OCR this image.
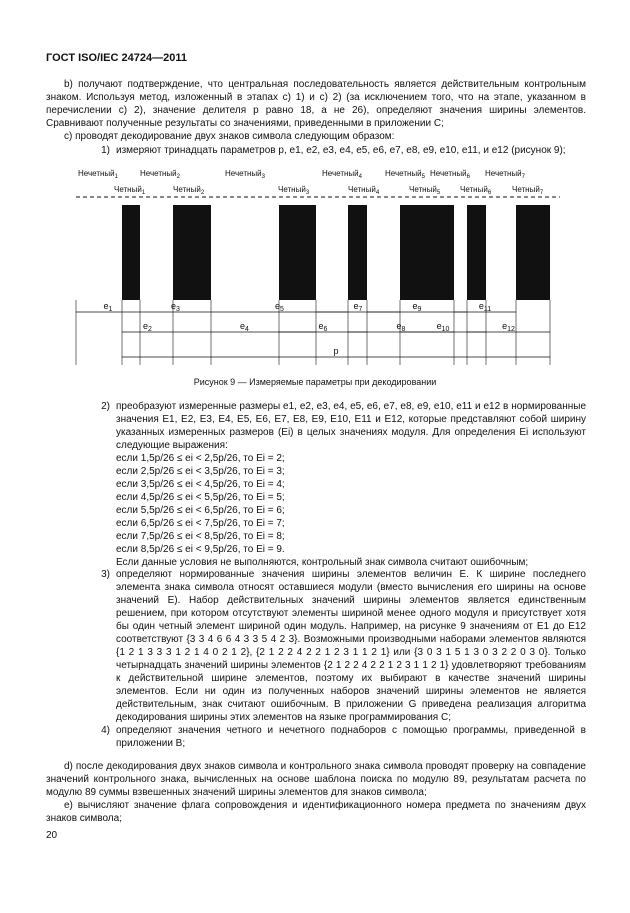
ГОСТ ISO/IEC 24724—2011

b) получают подтверждение, что центральная последовательность является действительным контрольным знаком. Используя метод, изложенный в этапах c) 1) и c) 2) (за исключением того, что на этапе, указанном в перечислении c) 2), значение делителя p равно 18, а не 26), определяют значения ширины элементов. Сравнивают полученные результаты со значениями, приведенными в приложении С;

c) проводят декодирование двух знаков символа следующим образом:

1) измеряют тринадцать параметров p, e1, e2, e3, e4, e5, e6, e7, e8, e9, e10, e11, и e12 (рисунок 9);
Нечетный$_1$	Нечетный$_2$	Нечетный$_3$	Нечетный$_4$	Нечетный$_5$ Нечетный$_6$ Нечетный$_7$
Четный$_1$	Четный$_2$	Четный$_3$	Четный$_4$	Четный$_5$ Четный$_6$	Четный$_7$
$e_1$
$e_2$
$e_3$
$e_4$
$e_5$
$e_6$
$e_7$
$e_8$
$e_9$
$e_{10}$
$e_{11}$
$e_{12}$
p
Рисунок 9 — Измеряемые параметры при декодировании
2) преобразуют измеренные размеры e1, e2, e3, e4, e5, e6, e7, e8, e9, e10, e11 и e12 в нормированные значения E1, E2, E3, E4, E5, E6, E7, E8, E9, E10, E11 и E12, которые представляют собой ширину указанных измеренных размеров (Ei) в целых значениях модуля. Для определения Ei используют следующие выражения:
если 1,5p/26 ≤ ei < 2,5p/26, то Ei = 2;
если 2,5p/26 ≤ ei < 3,5p/26, то Ei = 3;
если 3,5p/26 ≤ ei < 4,5p/26, то Ei = 4;
если 4,5p/26 ≤ ei < 5,5p/26, то Ei = 5;
если 5,5p/26 ≤ ei < 6,5p/26, то Ei = 6;
если 6,5p/26 ≤ ei < 7,5p/26, то Ei = 7;
если 7,5p/26 ≤ ei < 8,5p/26, то Ei = 8;
если 8,5p/26 ≤ ei < 9,5p/26, то Ei = 9.
Если данные условия не выполняются, контрольный знак символа считают ошибочным;
3) определяют нормированные значения ширины элементов величин E. К ширине последнего элемента знака символа относят оставшиеся модули (вместо вычисления его ширины на основе значений E). Набор действительных значений ширины элементов является единственным решением, при котором отсутствуют элементы шириной менее одного модуля и присутствует хотя бы один четный элемент шириной один модуль. Например, на рисунке 9 значениям от E1 до E12 соответствуют {3 3 4 6 6 4 3 3 5 4 2 3}. Возможными производными наборами элементов являются {1 2 1 3 3 3 1 2 1 4 0 2 1 2}, {2 1 2 2 4 2 2 1 2 3 1 1 2 1} или {3 0 3 1 5 1 3 0 3 2 2 0 3 0}. Только четырнадцать значений ширины элементов {2 1 2 2 4 2 2 1 2 3 1 1 2 1} удовлетворяют требованиям к действительной ширине элементов, поэтому их выбирают в качестве значений ширины элементов. Если ни один из полученных наборов значений ширины элементов не является действительным, знак считают ошибочным. В приложении G приведена реализация алгоритма декодирования ширины этих элементов на языке программирования C;
4) определяют значения четного и нечетного поднаборов с помощью программы, приведенной в приложении B;

d) после декодирования двух знаков символа и контрольного знака символа проводят проверку на совпадение значений контрольного знака, вычисленных на основе шаблона поиска по модулю 89, результатам расчета по модулю 89 суммы взвешенных значений ширины элементов для знаков символа;

e) вычисляют значение флага сопровождения и идентификационного номера предмета по значениям двух знаков символа;

20
